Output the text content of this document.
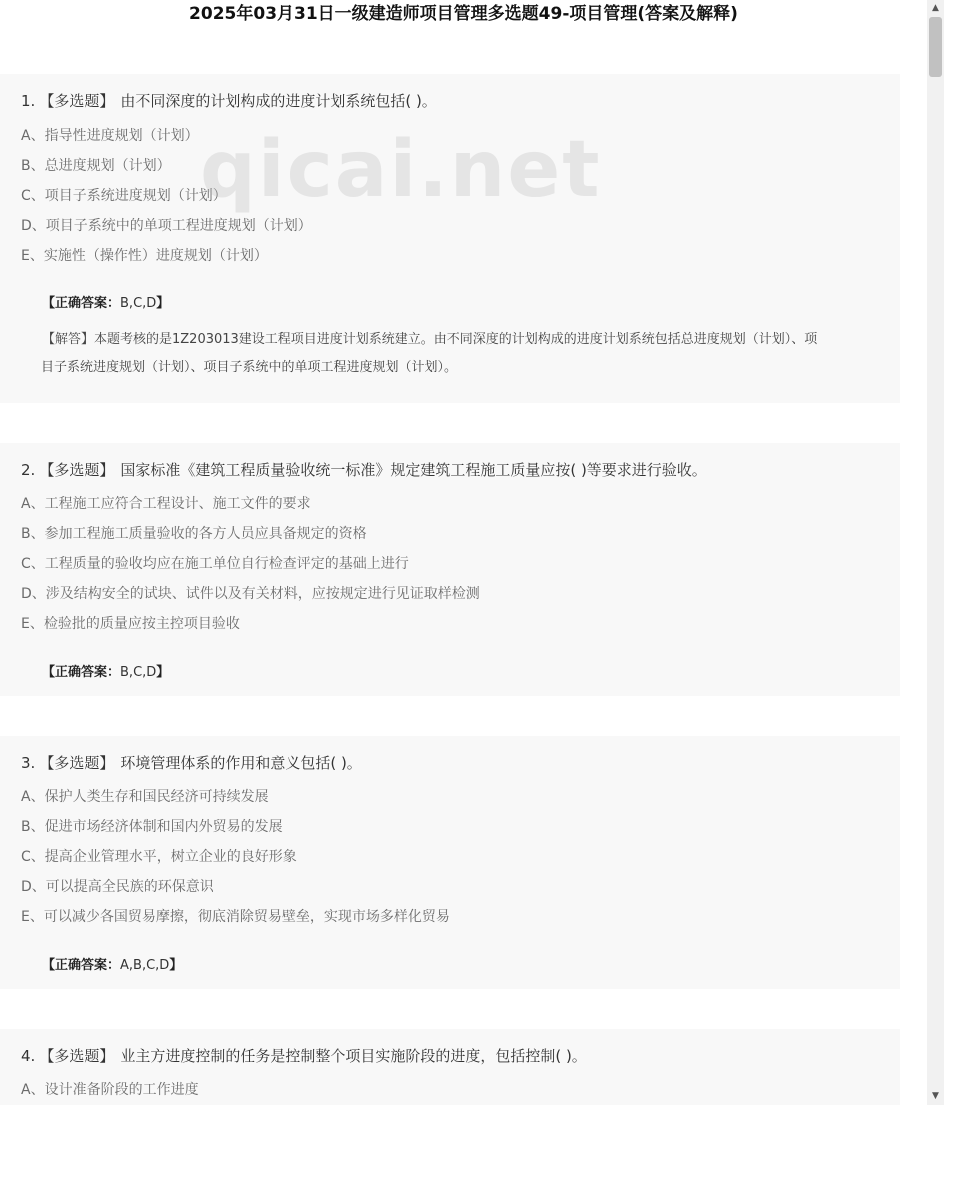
2025年03月31日一级建造师项目管理多选题49-项目管理(答案及解释)
1. 【多选题】 由不同深度的计划构成的进度计划系统包括( )。
A、指导性进度规划（计划）
B、总进度规划（计划）
C、项目子系统进度规划（计划）
D、项目子系统中的单项工程进度规划（计划）
E、实施性（操作性）进度规划（计划）
【正确答案：B,C,D】
【解答】本题考核的是1Z203013建设工程项目进度计划系统建立。由不同深度的计划构成的进度计划系统包括总进度规划（计划）、项
目子系统进度规划（计划）、项目子系统中的单项工程进度规划（计划）。
2. 【多选题】 国家标准《建筑工程质量验收统一标准》规定建筑工程施工质量应按( )等要求进行验收。
A、工程施工应符合工程设计、施工文件的要求
B、参加工程施工质量验收的各方人员应具备规定的资格
C、工程质量的验收均应在施工单位自行检查评定的基础上进行
D、涉及结构安全的试块、试件以及有关材料，应按规定进行见证取样检测
E、检验批的质量应按主控项目验收
【正确答案：B,C,D】
3. 【多选题】 环境管理体系的作用和意义包括( )。
A、保护人类生存和国民经济可持续发展
B、促进市场经济体制和国内外贸易的发展
C、提高企业管理水平，树立企业的良好形象
D、可以提高全民族的环保意识
E、可以减少各国贸易摩擦，彻底消除贸易壁垒，实现市场多样化贸易
【正确答案：A,B,C,D】
4. 【多选题】 业主方进度控制的任务是控制整个项目实施阶段的进度，包括控制( )。
A、设计准备阶段的工作进度
qicai.net
▲
▼
